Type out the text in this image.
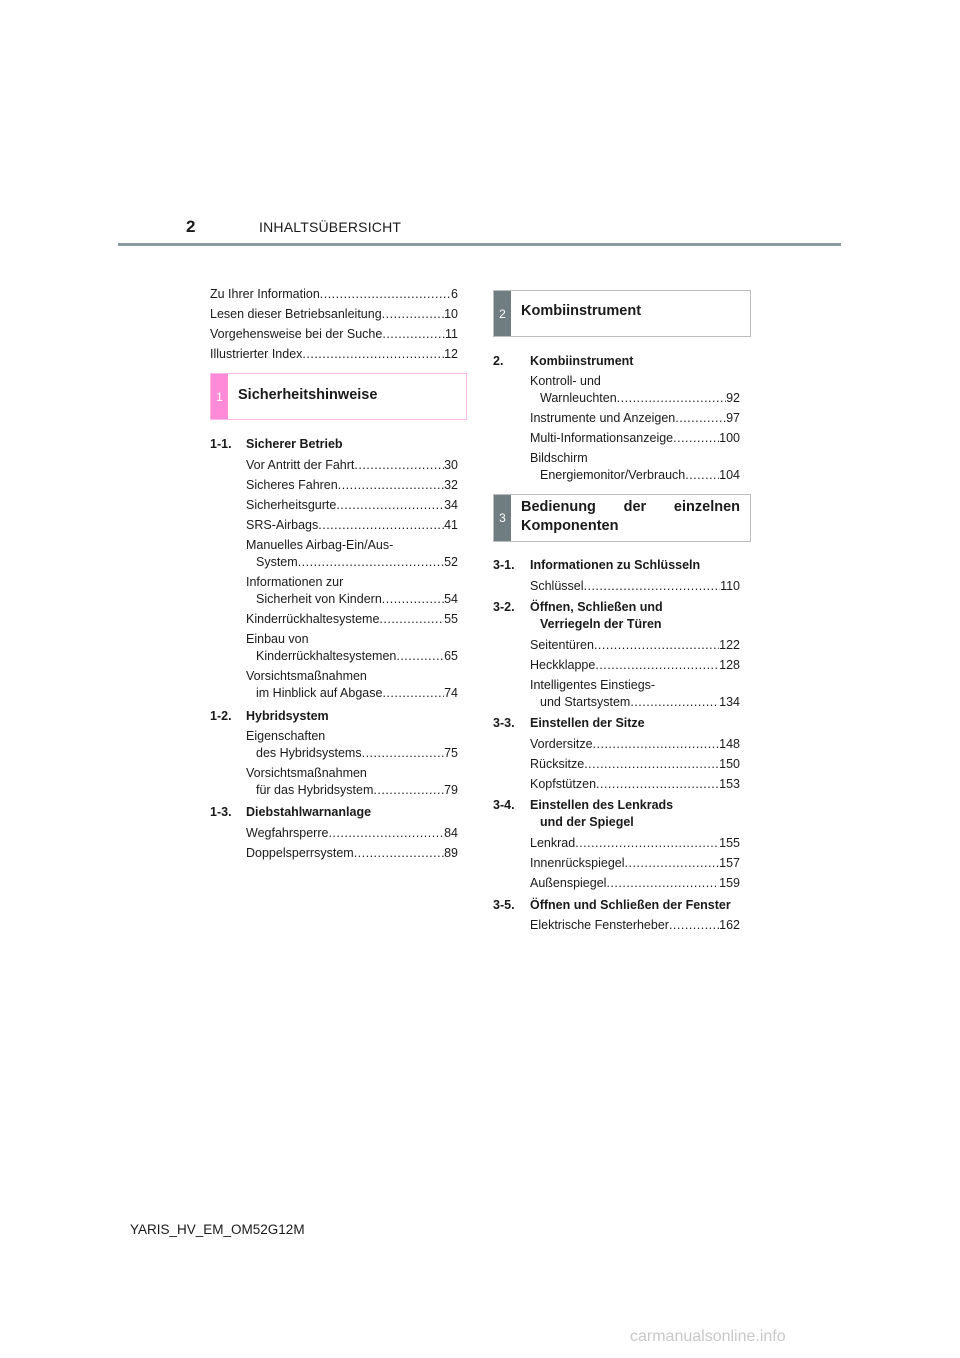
2	INHALTSÜBERSICHT
Zu Ihrer Information .....	6
Lesen dieser Betriebsanleitung .....	10
Vorgehensweise bei der Suche .....	11
Illustrierter Index .....	12
1	Sicherheitshinweise
1-1. Sicherer Betrieb
Vor Antritt der Fahrt .....	30
Sicheres Fahren .....	32
Sicherheitsgurte .....	34
SRS-Airbags .....	41
Manuelles Airbag-Ein/Aus-
System .....	52
Informationen zur
Sicherheit von Kindern .....	54
Kinderrückhaltesysteme .....	55
Einbau von
Kinderrückhaltesystemen .....	65
Vorsichtsmaßnahmen
im Hinblick auf Abgase .....	74
1-2. Hybridsystem
Eigenschaften
des Hybridsystems .....	75
Vorsichtsmaßnahmen
für das Hybridsystem .....	79
1-3. Diebstahlwarnanlage
Wegfahrsperre .....	84
Doppelsperrsystem .....	89
2	Kombiinstrument
2. Kombiinstrument
Kontroll- und
Warnleuchten .....	92
Instrumente und Anzeigen .....	97
Multi-Informationsanzeige .....	100
Bildschirm
Energiemonitor/Verbrauch .....	104
3
Bedienung der einzelnen
Komponenten
3-1. Informationen zu Schlüsseln
Schlüssel .....	110
3-2. Öffnen, Schließen und
Verriegeln der Türen
Seitentüren .....	122
Heckklappe .....	128
Intelligentes Einstiegs-
und Startsystem .....	134
3-3. Einstellen der Sitze
Vordersitze .....	148
Rücksitze .....	150
Kopfstützen .....	153
3-4. Einstellen des Lenkrads
und der Spiegel
Lenkrad .....	155
Innenrückspiegel .....	157
Außenspiegel .....	159
3-5. Öffnen und Schließen der Fenster
Elektrische Fensterheber .....	162
YARIS_HV_EM_OM52G12M
carmanualsonline.info
